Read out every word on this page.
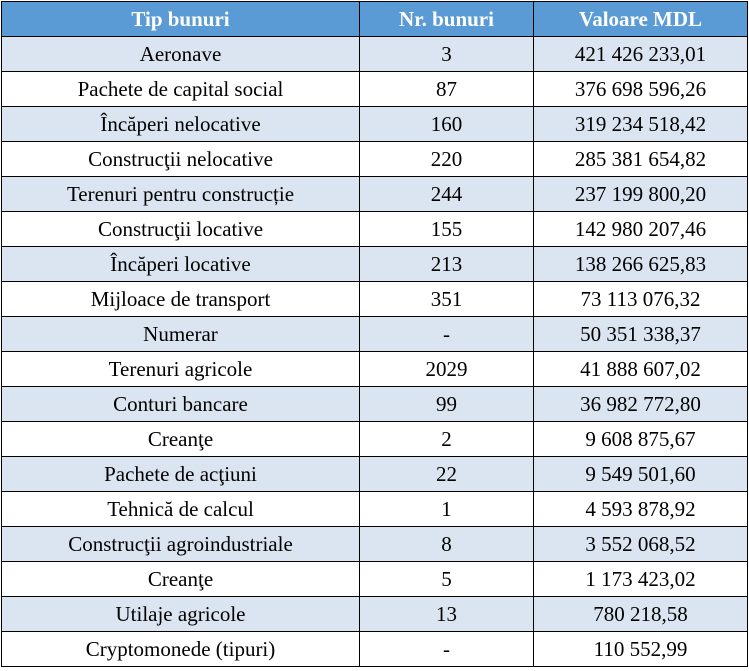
Tip bunuri	Nr. bunuri	Valoare MDL
Aeronave	3	421 426 233,01
Pachete de capital social	87	376 698 596,26
Încăperi nelocative	160	319 234 518,42
Construcţii nelocative	220	285 381 654,82
Terenuri pentru construcție	244	237 199 800,20
Construcţii locative	155	142 980 207,46
Încăperi locative	213	138 266 625,83
Mijloace de transport	351	73 113 076,32
Numerar	-	50 351 338,37
Terenuri agricole	2029	41 888 607,02
Conturi bancare	99	36 982 772,80
Creanţe	2	9 608 875,67
Pachete de acţiuni	22	9 549 501,60
Tehnică de calcul	1	4 593 878,92
Construcţii agroindustriale	8	3 552 068,52
Creanţe	5	1 173 423,02
Utilaje agricole	13	780 218,58
Cryptomonede (tipuri)	-	110 552,99
